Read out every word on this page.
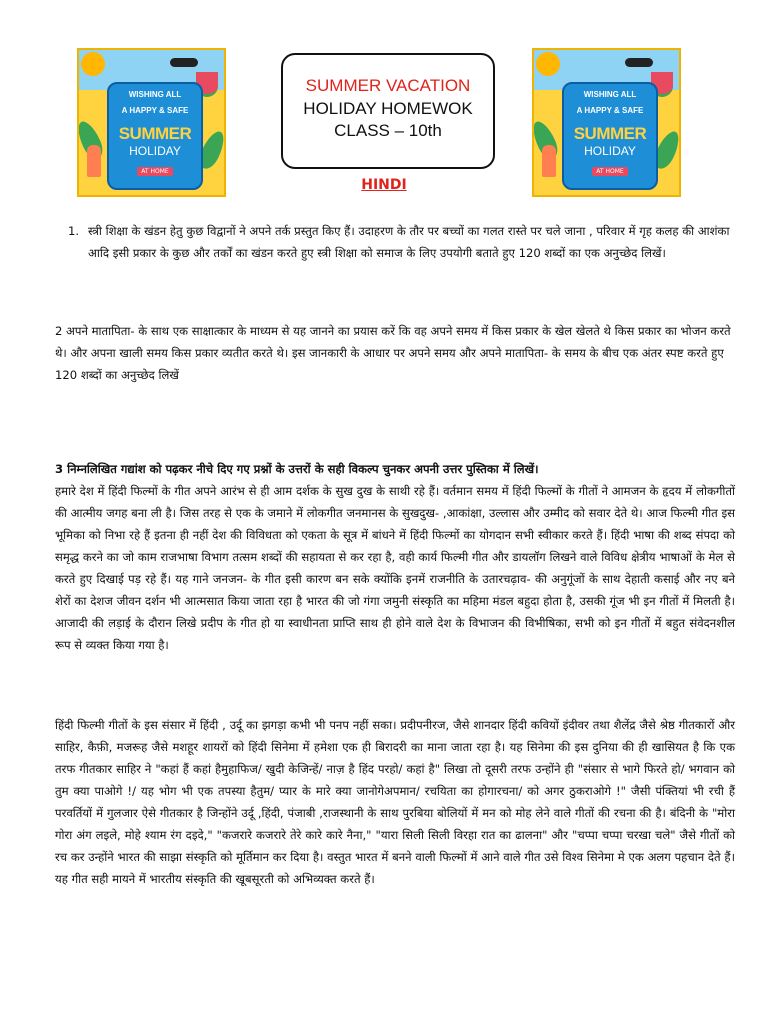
WISHING ALL
A HAPPY & SAFE
SUMMER
HOLIDAY
AT HOME
WISHING ALL
A HAPPY & SAFE
SUMMER
HOLIDAY
AT HOME
SUMMER VACATION
HOLIDAY HOMEWOK
CLASS – 10th
HINDI

1. स्त्री शिक्षा के खंडन हेतु कुछ विद्वानों ने अपने तर्क प्रस्तुत किए हैं। उदाहरण के तौर पर बच्चों का गलत रास्ते पर चले जाना , परिवार में गृह कलह की आशंका आदि इसी प्रकार के कुछ और तर्कों का खंडन करते हुए स्त्री शिक्षा को समाज के लिए उपयोगी बताते हुए 120 शब्दों का एक अनुच्छेद लिखें।

2 अपने मातापिता- के साथ एक साक्षात्कार के माध्यम से यह जानने का प्रयास करें कि वह अपने समय में किस प्रकार के खेल खेलते थे किस प्रकार का भोजन करते थे। और अपना खाली समय किस प्रकार व्यतीत करते थे। इस जानकारी के आधार पर अपने समय और अपने मातापिता- के समय के बीच एक अंतर स्पष्ट करते हुए 120 शब्दों का अनुच्छेद लिखें

3 निम्नलिखित गद्यांश को पढ़कर नीचे दिए गए प्रश्नों के उत्तरों के सही विकल्प चुनकर अपनी उत्तर पुस्तिका में लिखें।
हमारे देश में हिंदी फिल्मों के गीत अपने आरंभ से ही आम दर्शक के सुख दुख के साथी रहे हैं। वर्तमान समय में हिंदी फिल्मों के गीतों ने आमजन के हृदय में लोकगीतों की आत्मीय जगह बना ली है। जिस तरह से एक के जमाने में लोकगीत जनमानस के सुखदुख- ,आकांक्षा, उल्लास और उम्मीद को सवार देते थे। आज फिल्मी गीत इस भूमिका को निभा रहे हैं इतना ही नहीं देश की विविधता को एकता के सूत्र में बांधने में हिंदी फिल्मों का योगदान सभी स्वीकार करते हैं। हिंदी भाषा की शब्द संपदा को समृद्ध करने का जो काम राजभाषा विभाग तत्सम शब्दों की सहायता से कर रहा है, वही कार्य फिल्मी गीत और डायलॉग लिखने वाले विविध क्षेत्रीय भाषाओं के मेल से करते हुए दिखाई पड़ रहे हैं। यह गाने जनजन- के गीत इसी कारण बन सके क्योंकि इनमें राजनीति के उतारचढ़ाव- की अनुगूंजों के साथ देहाती कसाई और नए बने शेरों का देशज जीवन दर्शन भी आत्मसात किया जाता रहा है भारत की जो गंगा जमुनी संस्कृति का महिमा मंडल बहुदा होता है, उसकी गूंज भी इन गीतों में मिलती है। आजादी की लड़ाई के दौरान लिखे प्रदीप के गीत हो या स्वाधीनता प्राप्ति साथ ही होने वाले देश के विभाजन की विभीषिका, सभी को इन गीतों में बहुत संवेदनशील रूप से व्यक्त किया गया है।

हिंदी फिल्मी गीतों के इस संसार में हिंदी , उर्दू का झगड़ा कभी भी पनप नहीं सका। प्रदीपनीरज, जैसे शानदार हिंदी कवियों इंदीवर तथा शैलेंद्र जैसे श्रेष्ठ गीतकारों और साहिर, कैफ़ी, मजरूह जैसे मशहूर शायरों को हिंदी सिनेमा में हमेशा एक ही बिरादरी का माना जाता रहा है। यह सिनेमा की इस दुनिया की ही खासियत है कि एक तरफ गीतकार साहिर ने "कहां हैं कहां हैमुहाफिज/ खुदी केजिन्हें/ नाज़ है हिंद परहो/ कहां है" लिखा तो दूसरी तरफ उन्होंने ही "संसार से भागे फिरते हो/ भगवान को तुम क्या पाओगे !/ यह भोग भी एक तपस्या हैतुम/ प्यार के मारे क्या जानोगेअपमान/ रचयिता का होगारचना/ को अगर ठुकराओगे !" जैसी पंक्तियां भी रची हैं परवर्तियों में गुलजार ऐसे गीतकार है जिन्होंने उर्दू ,हिंदी, पंजाबी ,राजस्थानी के साथ पुरबिया बोलियों में मन को मोह लेने वाले गीतों की रचना की है। बंदिनी के "मोरा गोरा अंग लइले, मोहे श्याम रंग दइदे," "कजरारे कजरारे तेरे कारे कारे नैना," "यारा सिली सिली विरहा रात का ढालना" और "चप्पा चप्पा चरखा चले" जैसे गीतों को रच कर उन्होंने भारत की साझा संस्कृति को मूर्तिमान कर दिया है। वस्तुत भारत में बनने वाली फिल्मों में आने वाले गीत उसे विश्व सिनेमा मे एक अलग पहचान देते हैं।यह गीत सही मायने में भारतीय संस्कृति की खूबसूरती को अभिव्यक्त करते हैं।
